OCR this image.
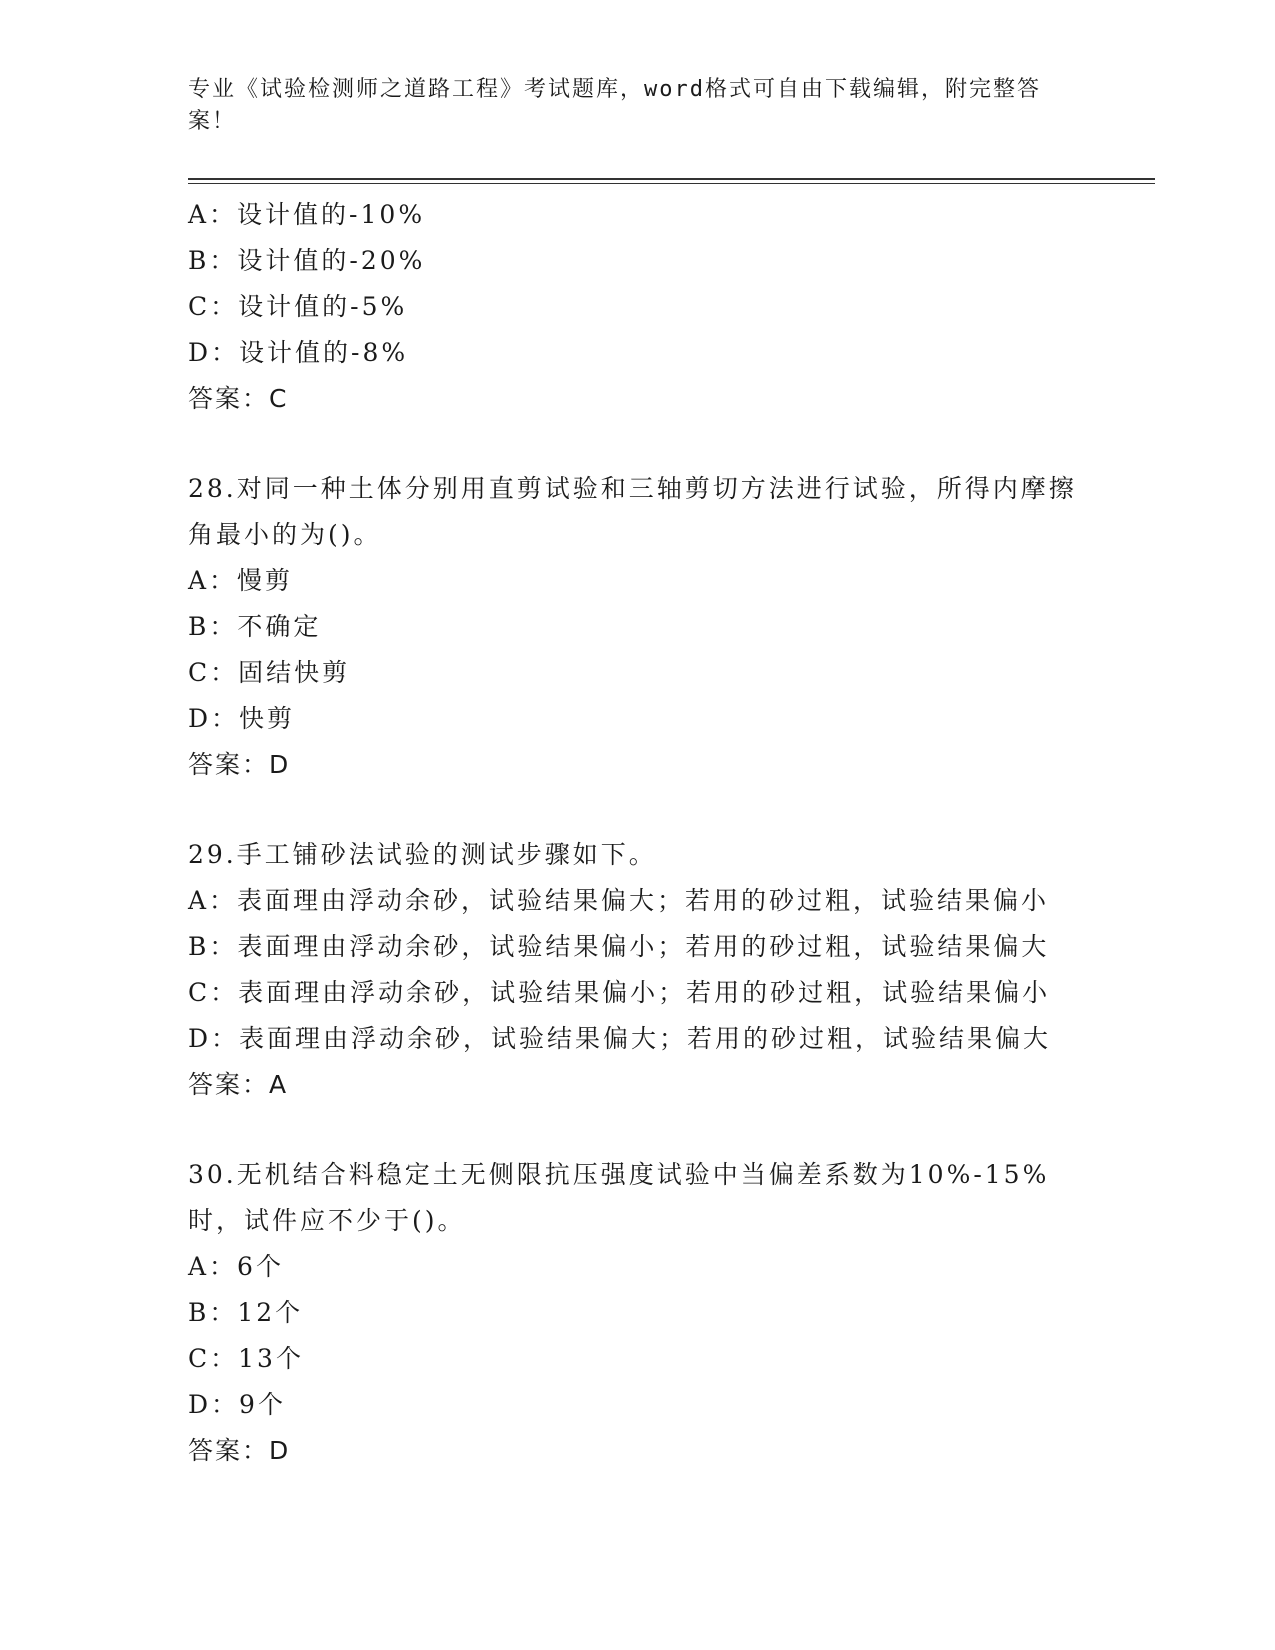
专业《试验检测师之道路工程》考试题库，word格式可自由下载编辑，附完整答案！
A：设计值的-10%
B：设计值的-20%
C：设计值的-5%
D：设计值的-8%
答案：C
28.对同一种土体分别用直剪试验和三轴剪切方法进行试验，所得内摩擦角最小的为()。
A：慢剪
B：不确定
C：固结快剪
D：快剪
答案：D
29.手工铺砂法试验的测试步骤如下。
A：表面理由浮动余砂，试验结果偏大；若用的砂过粗，试验结果偏小
B：表面理由浮动余砂，试验结果偏小；若用的砂过粗，试验结果偏大
C：表面理由浮动余砂，试验结果偏小；若用的砂过粗，试验结果偏小
D：表面理由浮动余砂，试验结果偏大；若用的砂过粗，试验结果偏大
答案：A
30.无机结合料稳定土无侧限抗压强度试验中当偏差系数为10%-15%时，试件应不少于()。
A：6个
B：12个
C：13个
D：9个
答案：D
